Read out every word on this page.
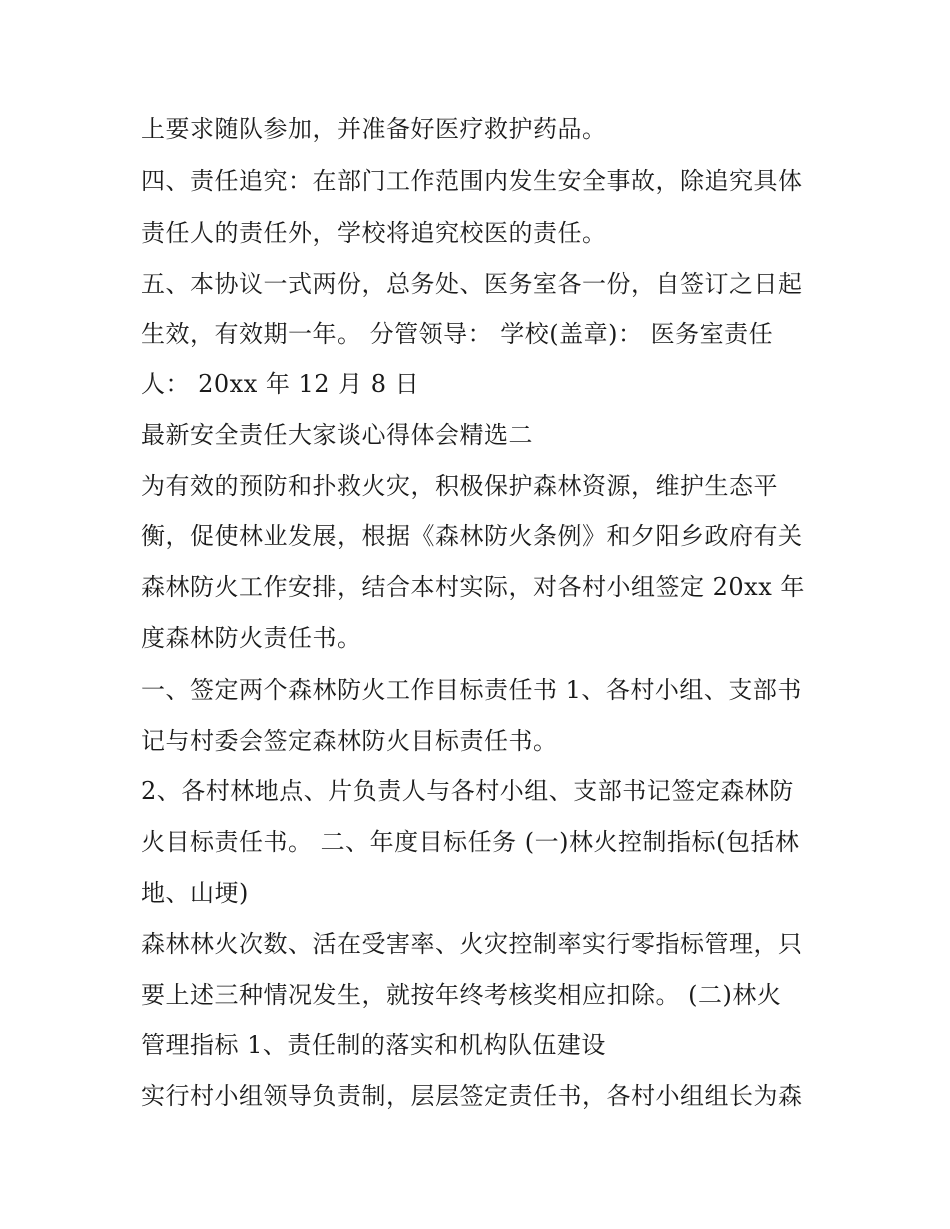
上要求随队参加，并准备好医疗救护药品。
四、责任追究：在部门工作范围内发生安全事故，除追究具体
责任人的责任外，学校将追究校医的责任。
五、本协议一式两份，总务处、医务室各一份，自签订之日起
生效，有效期一年。 分管领导： 学校(盖章)： 医务室责任
人： 20xx 年 12 月 8 日
最新安全责任大家谈心得体会精选二
为有效的预防和扑救火灾，积极保护森林资源，维护生态平
衡，促使林业发展，根据《森林防火条例》和夕阳乡政府有关
森林防火工作安排，结合本村实际，对各村小组签定 20xx 年
度森林防火责任书。
一、签定两个森林防火工作目标责任书 1、各村小组、支部书
记与村委会签定森林防火目标责任书。
2、各村林地点、片负责人与各村小组、支部书记签定森林防
火目标责任书。 二、年度目标任务 (一)林火控制指标(包括林
地、山埂)
森林林火次数、活在受害率、火灾控制率实行零指标管理，只
要上述三种情况发生，就按年终考核奖相应扣除。 (二)林火
管理指标 1、责任制的落实和机构队伍建设
实行村小组领导负责制，层层签定责任书，各村小组组长为森
